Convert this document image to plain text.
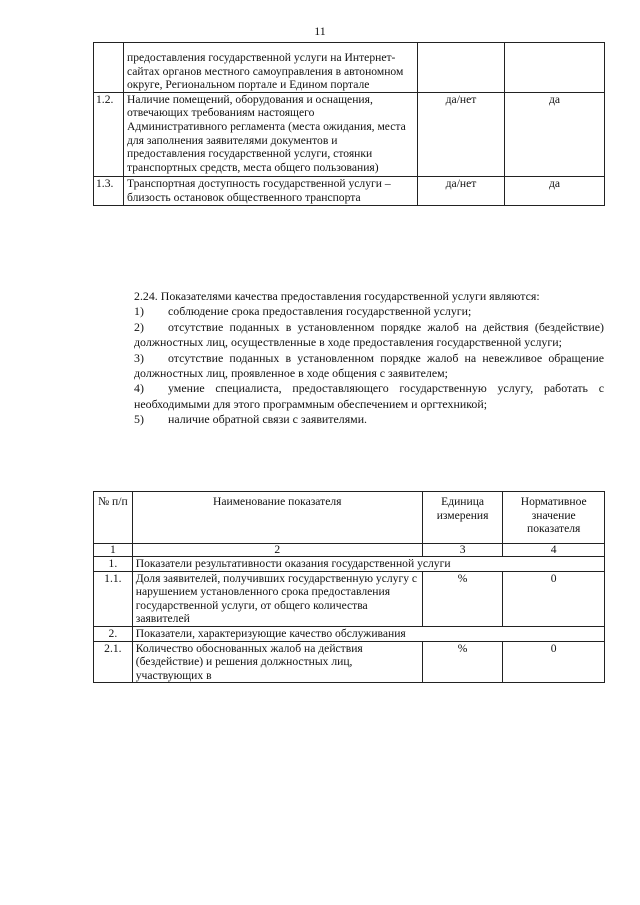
11
	предоставления государственной услуги на Интернет-сайтах органов местного самоуправления в автономном округе, Региональном портале и Едином портале		
1.2.	Наличие помещений, оборудования и оснащения, отвечающих требованиям настоящего Административного регламента (места ожидания, места для заполнения заявителями документов и предоставления государственной услуги, стоянки транспортных средств, места общего пользования)	да/нет	да
1.3.	Транспортная доступность государственной услуги – близость остановок общественного транспорта	да/нет	да

2.24. Показателями качества предоставления государственной услуги являются:

1) соблюдение срока предоставления государственной услуги;

2) отсутствие поданных в установленном порядке жалоб на действия (бездействие) должностных лиц, осуществленные в ходе предоставления государственной услуги;

3) отсутствие поданных в установленном порядке жалоб на невежливое обращение должностных лиц, проявленное в ходе общения с заявителем;

4) умение специалиста, предоставляющего государственную услугу, работать с необходимыми для этого программным обеспечением и оргтехникой;

5) наличие обратной связи с заявителями.

№ п/п	Наименование показателя	Единица измерения	Нормативное значение показателя
1	2	3	4
1.	Показатели результативности оказания государственной услуги		
1.1.	Доля заявителей, получивших государственную услугу с нарушением установленного срока предоставления государственной услуги, от общего количества заявителей	%	0
2.	Показатели, характеризующие качество обслуживания		
2.1.	Количество обоснованных жалоб на действия (бездействие) и решения должностных лиц, участвующих в	%	0
